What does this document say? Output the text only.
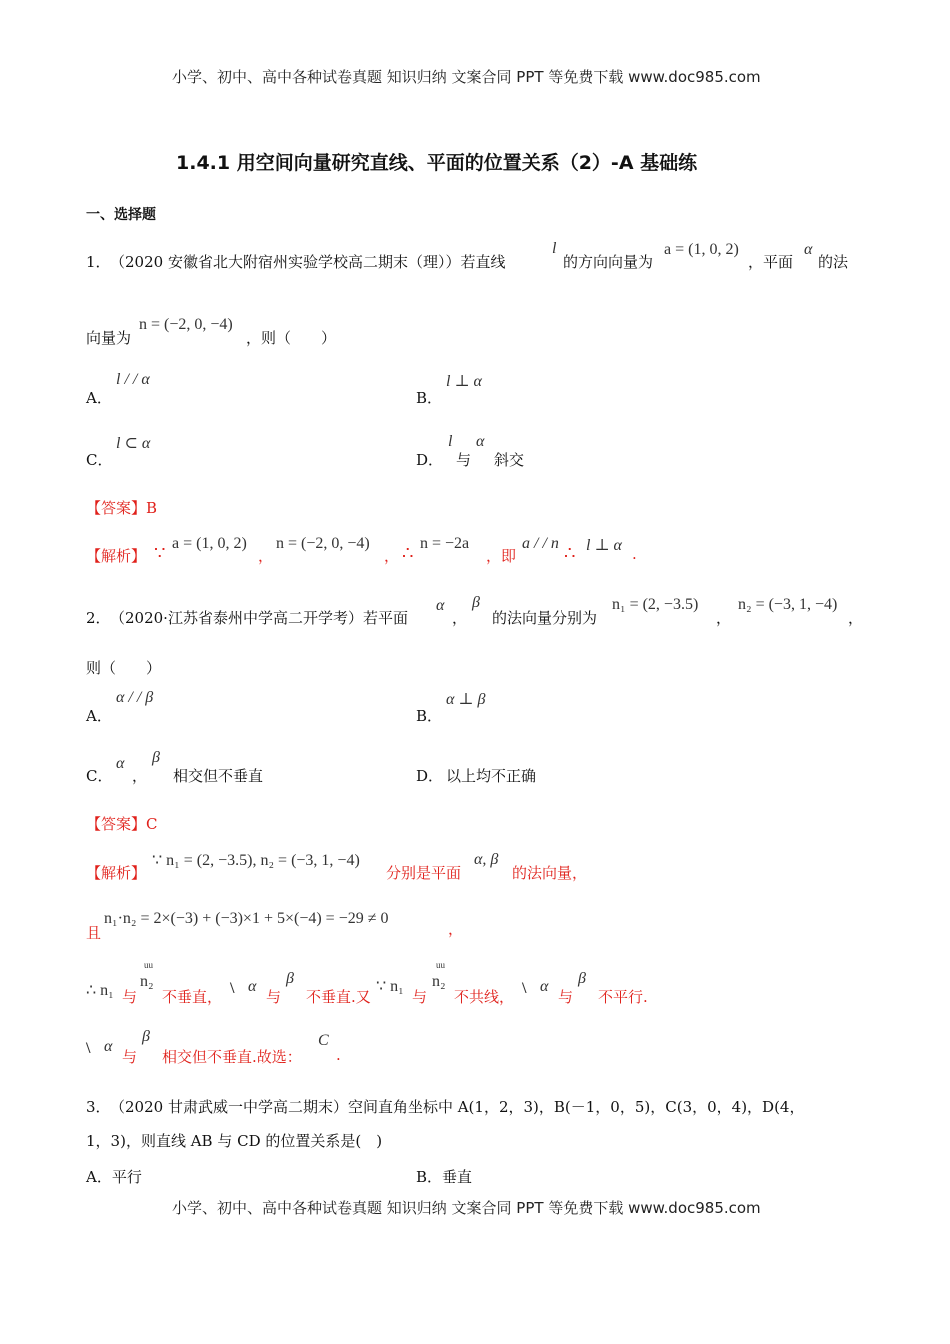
小学、初中、高中各种试卷真题 知识归纳 文案合同 PPT 等免费下载 www.doc985.com
1.4.1 用空间向量研究直线、平面的位置关系（2）-A 基础练
一、选择题
1． （2020 安徽省北大附宿州实验学校高二期末（理））若直线
l
的方向向量为
a = (1, 0, 2)
，平面
α
的法
向量为
n = (−2, 0, −4)
，则（　　）
A．
l / / α
B．
l ⊥ α
C．
l ⊂ α
D．
l
与
α
斜交
【答案】B
【解析】 ∵ a = (1, 0, 2)
，
n = (−2, 0, −4)
， ∴ n = −2a
，即
a / / n ∴ l ⊥ α .
2． （2020·江苏省泰州中学高二开学考）若平面
α
，
β
的法向量分别为
n₁ = (2, −3.5)
，
n₂ = (−3, 1, −4)
，
则（　　）
A．
α / / β
B．
α ⊥ β
C．
α
，
β
相交但不垂直	D． 以上均不正确
【答案】C
【解析】
∵ n₁ = (2, −3.5), n₂ = (−3, 1, −4)
分别是平面
α, β
的法向量，
且
n₁·n₂ = 2×(−3) + (−3)×1 + 5×(−4) = −29 ≠ 0
，
∴ n₁ 与
uu
n₂
不垂直， \ α
与
β
不垂直.又
∵ n₁
与
uu
n₂
不共线， \ α
与
β
不平行.
\ α
与
β
相交但不垂直.故选：
C
.
3． （2020 甘肃武威一中学高二期末）空间直角坐标中 A(1，2，3)，B(－1，0，5)，C(3，0，4)，D(4，
1，3)，则直线 AB 与 CD 的位置关系是(　)
A．平行	B．垂直
小学、初中、高中各种试卷真题 知识归纳 文案合同 PPT 等免费下载 www.doc985.com
